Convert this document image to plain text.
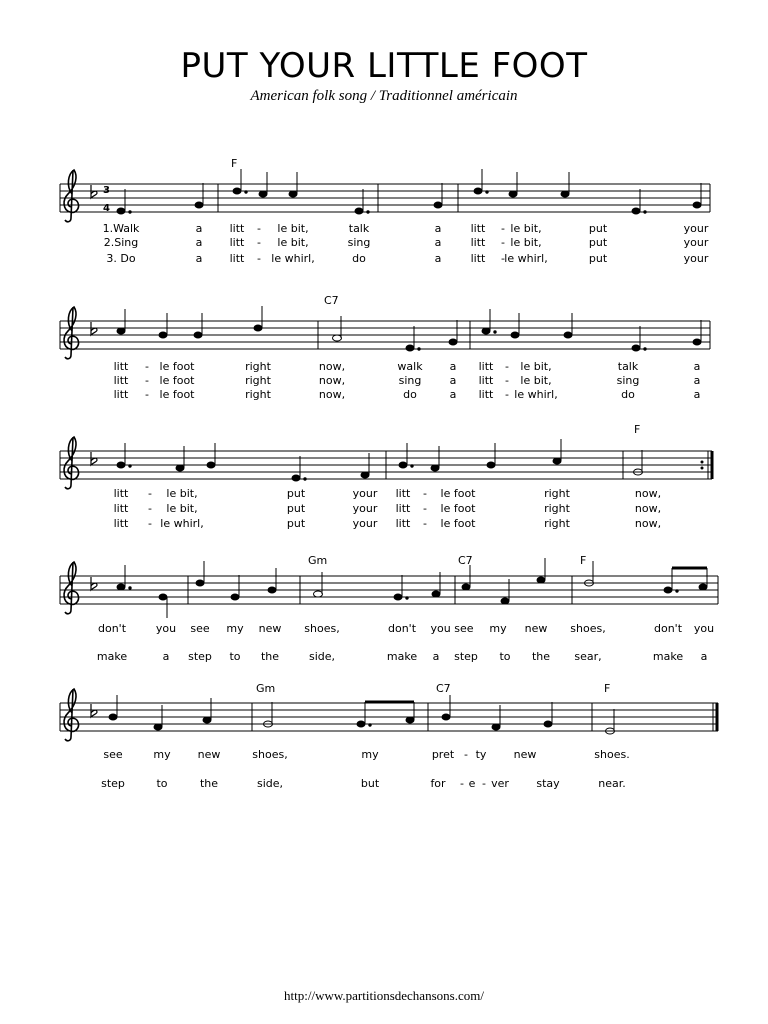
PUT YOUR LITTLE FOOT
American folk song / Traditionnel américain
3
4
F
C7
F
Gm	C7	F
Gm	C7	F
1.Walk	a litt - le bit,	talk	a	litt - le bit,	put	your
2.Sing	a litt - le bit,	sing	a	litt - le bit,	put	your
3. Do	a litt - le whirl,	do	a	litt - le whirl,	put	your
litt - le foot	right	now,	walk a litt - le bit,	talk	a
litt - le foot	right	now,	sing	a litt - le bit,	sing	a
litt - le foot	right	now,	do	a litt - le whirl,	do	a
litt - le bit,	put	your litt - le foot	right	now,
litt - le bit,	put	your litt - le foot	right	now,
litt - le whirl,	put	your litt - le foot	right	now,
don't	you see my new shoes,	don't you see my new shoes,	don't you
make	a step to the	side,	make a step to the sear,	make a
see	my new	shoes,	my	pret - ty new	shoes.
step	to	the	side,	but	for - e - ver stay	near.
http://www.partitionsdechansons.com/
